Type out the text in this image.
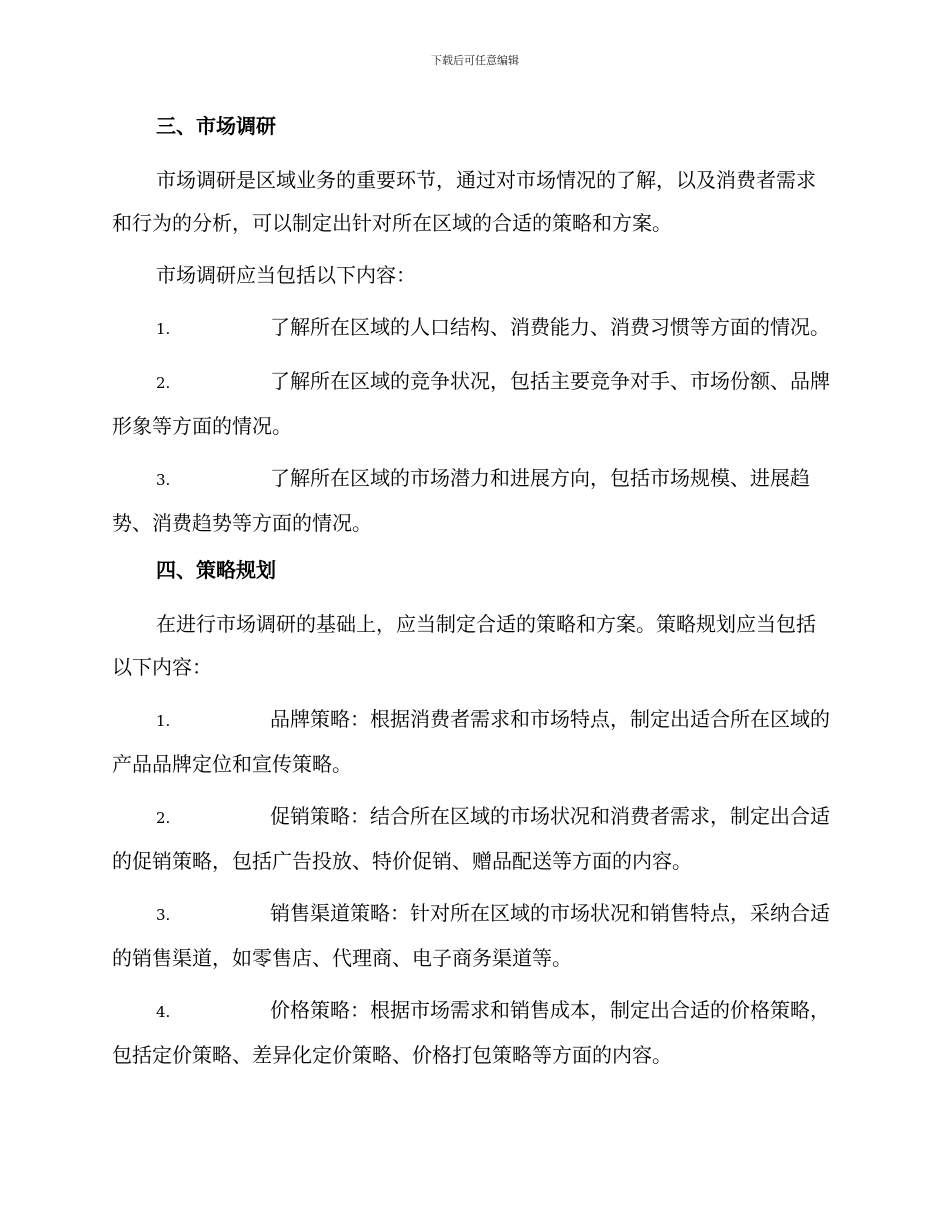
下载后可任意编辑
三、市场调研
市场调研是区域业务的重要环节，通过对市场情况的了解，以及消费者需求和行为的分析，可以制定出针对所在区域的合适的策略和方案。
市场调研应当包括以下内容：
1.	了解所在区域的人口结构、消费能力、消费习惯等方面的情况。
2.	了解所在区域的竞争状况，包括主要竞争对手、市场份额、品牌形象等方面的情况。
3.	了解所在区域的市场潜力和进展方向，包括市场规模、进展趋势、消费趋势等方面的情况。
四、策略规划
在进行市场调研的基础上，应当制定合适的策略和方案。策略规划应当包括以下内容：
1.	品牌策略：根据消费者需求和市场特点，制定出适合所在区域的产品品牌定位和宣传策略。
2.	促销策略：结合所在区域的市场状况和消费者需求，制定出合适的促销策略，包括广告投放、特价促销、赠品配送等方面的内容。
3.	销售渠道策略：针对所在区域的市场状况和销售特点，采纳合适的销售渠道，如零售店、代理商、电子商务渠道等。
4.	价格策略：根据市场需求和销售成本，制定出合适的价格策略，包括定价策略、差异化定价策略、价格打包策略等方面的内容。
